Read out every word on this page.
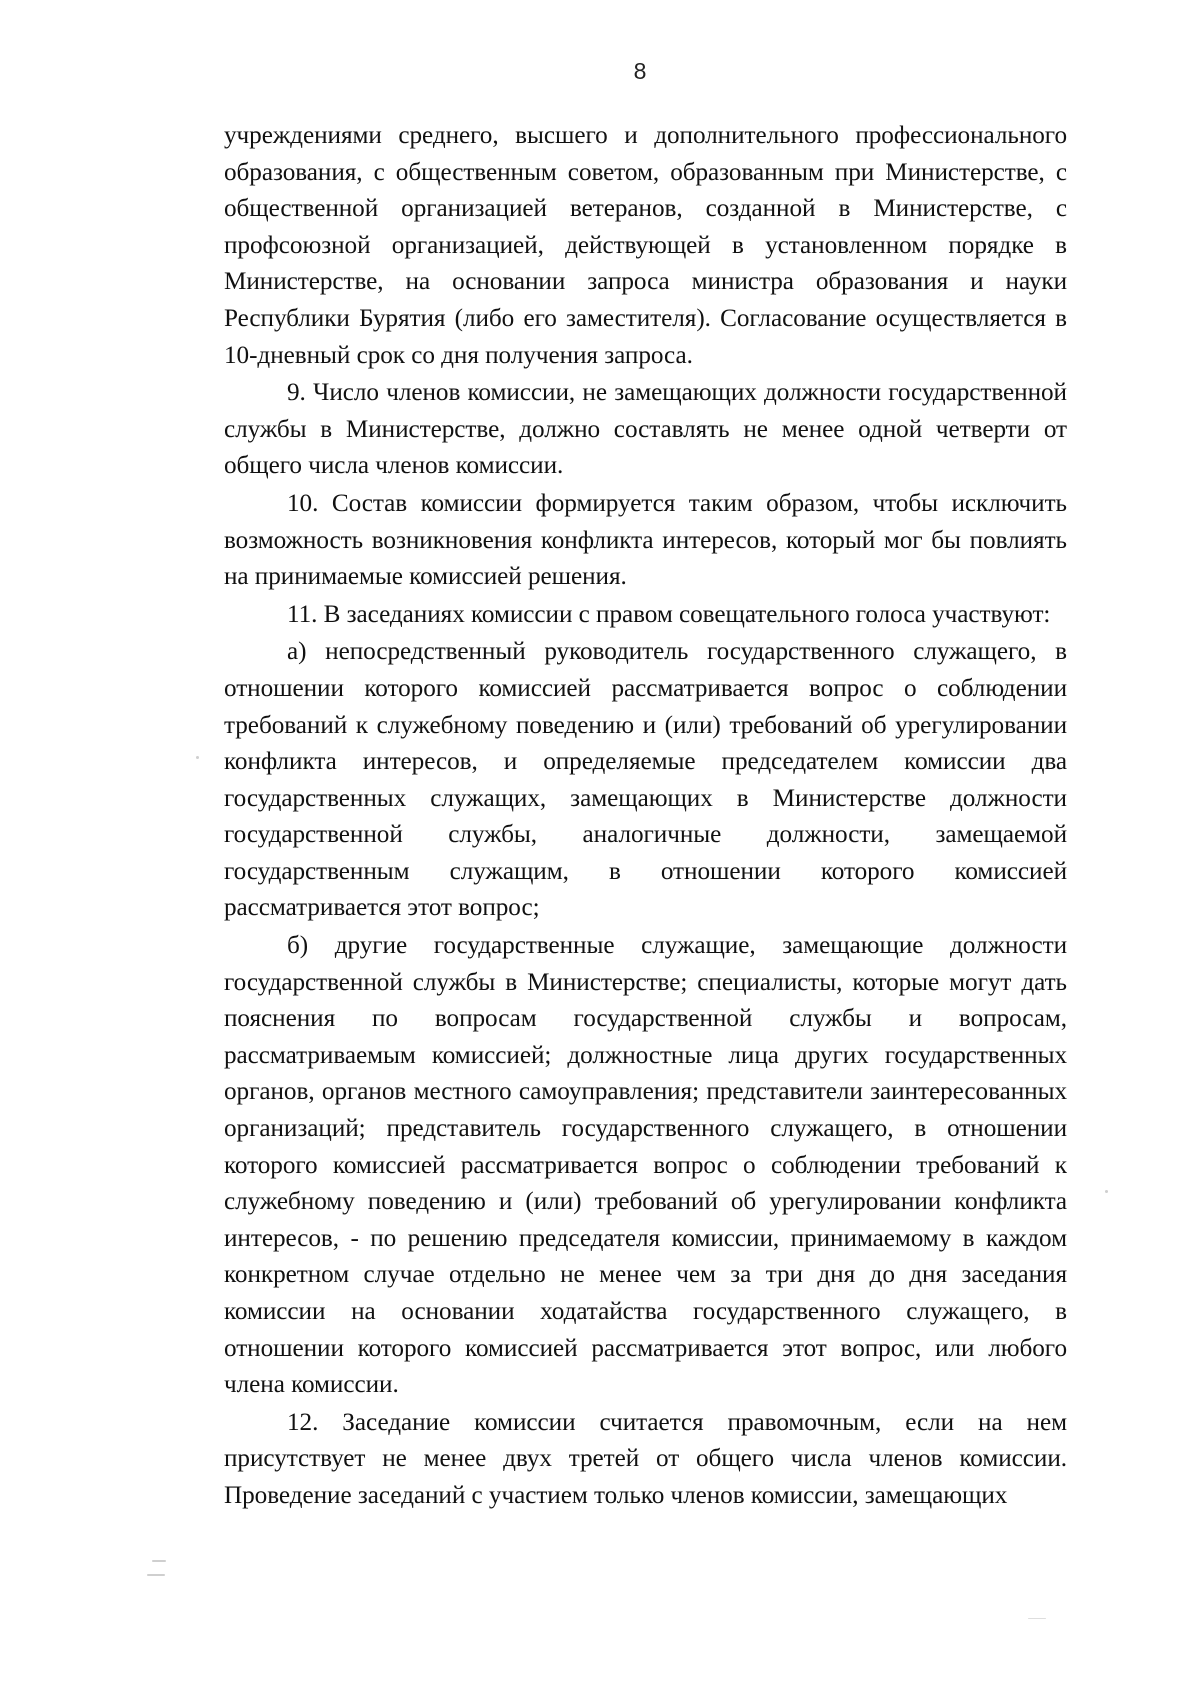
8

учреждениями среднего, высшего и дополнительного профессионального образования, с общественным советом, образованным при Министерстве, с общественной организацией ветеранов, созданной в Министерстве, с профсоюзной организацией, действующей в установленном порядке в Министерстве, на основании запроса министра образования и науки Республики Бурятия (либо его заместителя). Согласование осуществляется в 10-дневный срок со дня получения запроса.

9. Число членов комиссии, не замещающих должности государственной службы в Министерстве, должно составлять не менее одной четверти от общего числа членов комиссии.

10. Состав комиссии формируется таким образом, чтобы исключить возможность возникновения конфликта интересов, который мог бы повлиять на принимаемые комиссией решения.

11. В заседаниях комиссии с правом совещательного голоса участвуют:

а) непосредственный руководитель государственного служащего, в отношении которого комиссией рассматривается вопрос о соблюдении требований к служебному поведению и (или) требований об урегулировании конфликта интересов, и определяемые председателем комиссии два государственных служащих, замещающих в Министерстве должности государственной службы, аналогичные должности, замещаемой государственным служащим, в отношении которого комиссией рассматривается этот вопрос;

б) другие государственные служащие, замещающие должности государственной службы в Министерстве; специалисты, которые могут дать пояснения по вопросам государственной службы и вопросам, рассматриваемым комиссией; должностные лица других государственных органов, органов местного самоуправления; представители заинтересованных организаций; представитель государственного служащего, в отношении которого комиссией рассматривается вопрос о соблюдении требований к служебному поведению и (или) требований об урегулировании конфликта интересов, - по решению председателя комиссии, принимаемому в каждом конкретном случае отдельно не менее чем за три дня до дня заседания комиссии на основании ходатайства государственного служащего, в отношении которого комиссией рассматривается этот вопрос, или любого члена комиссии.

12. Заседание комиссии считается правомочным, если на нем присутствует не менее двух третей от общего числа членов комиссии. Проведение заседаний с участием только членов комиссии, замещающих
